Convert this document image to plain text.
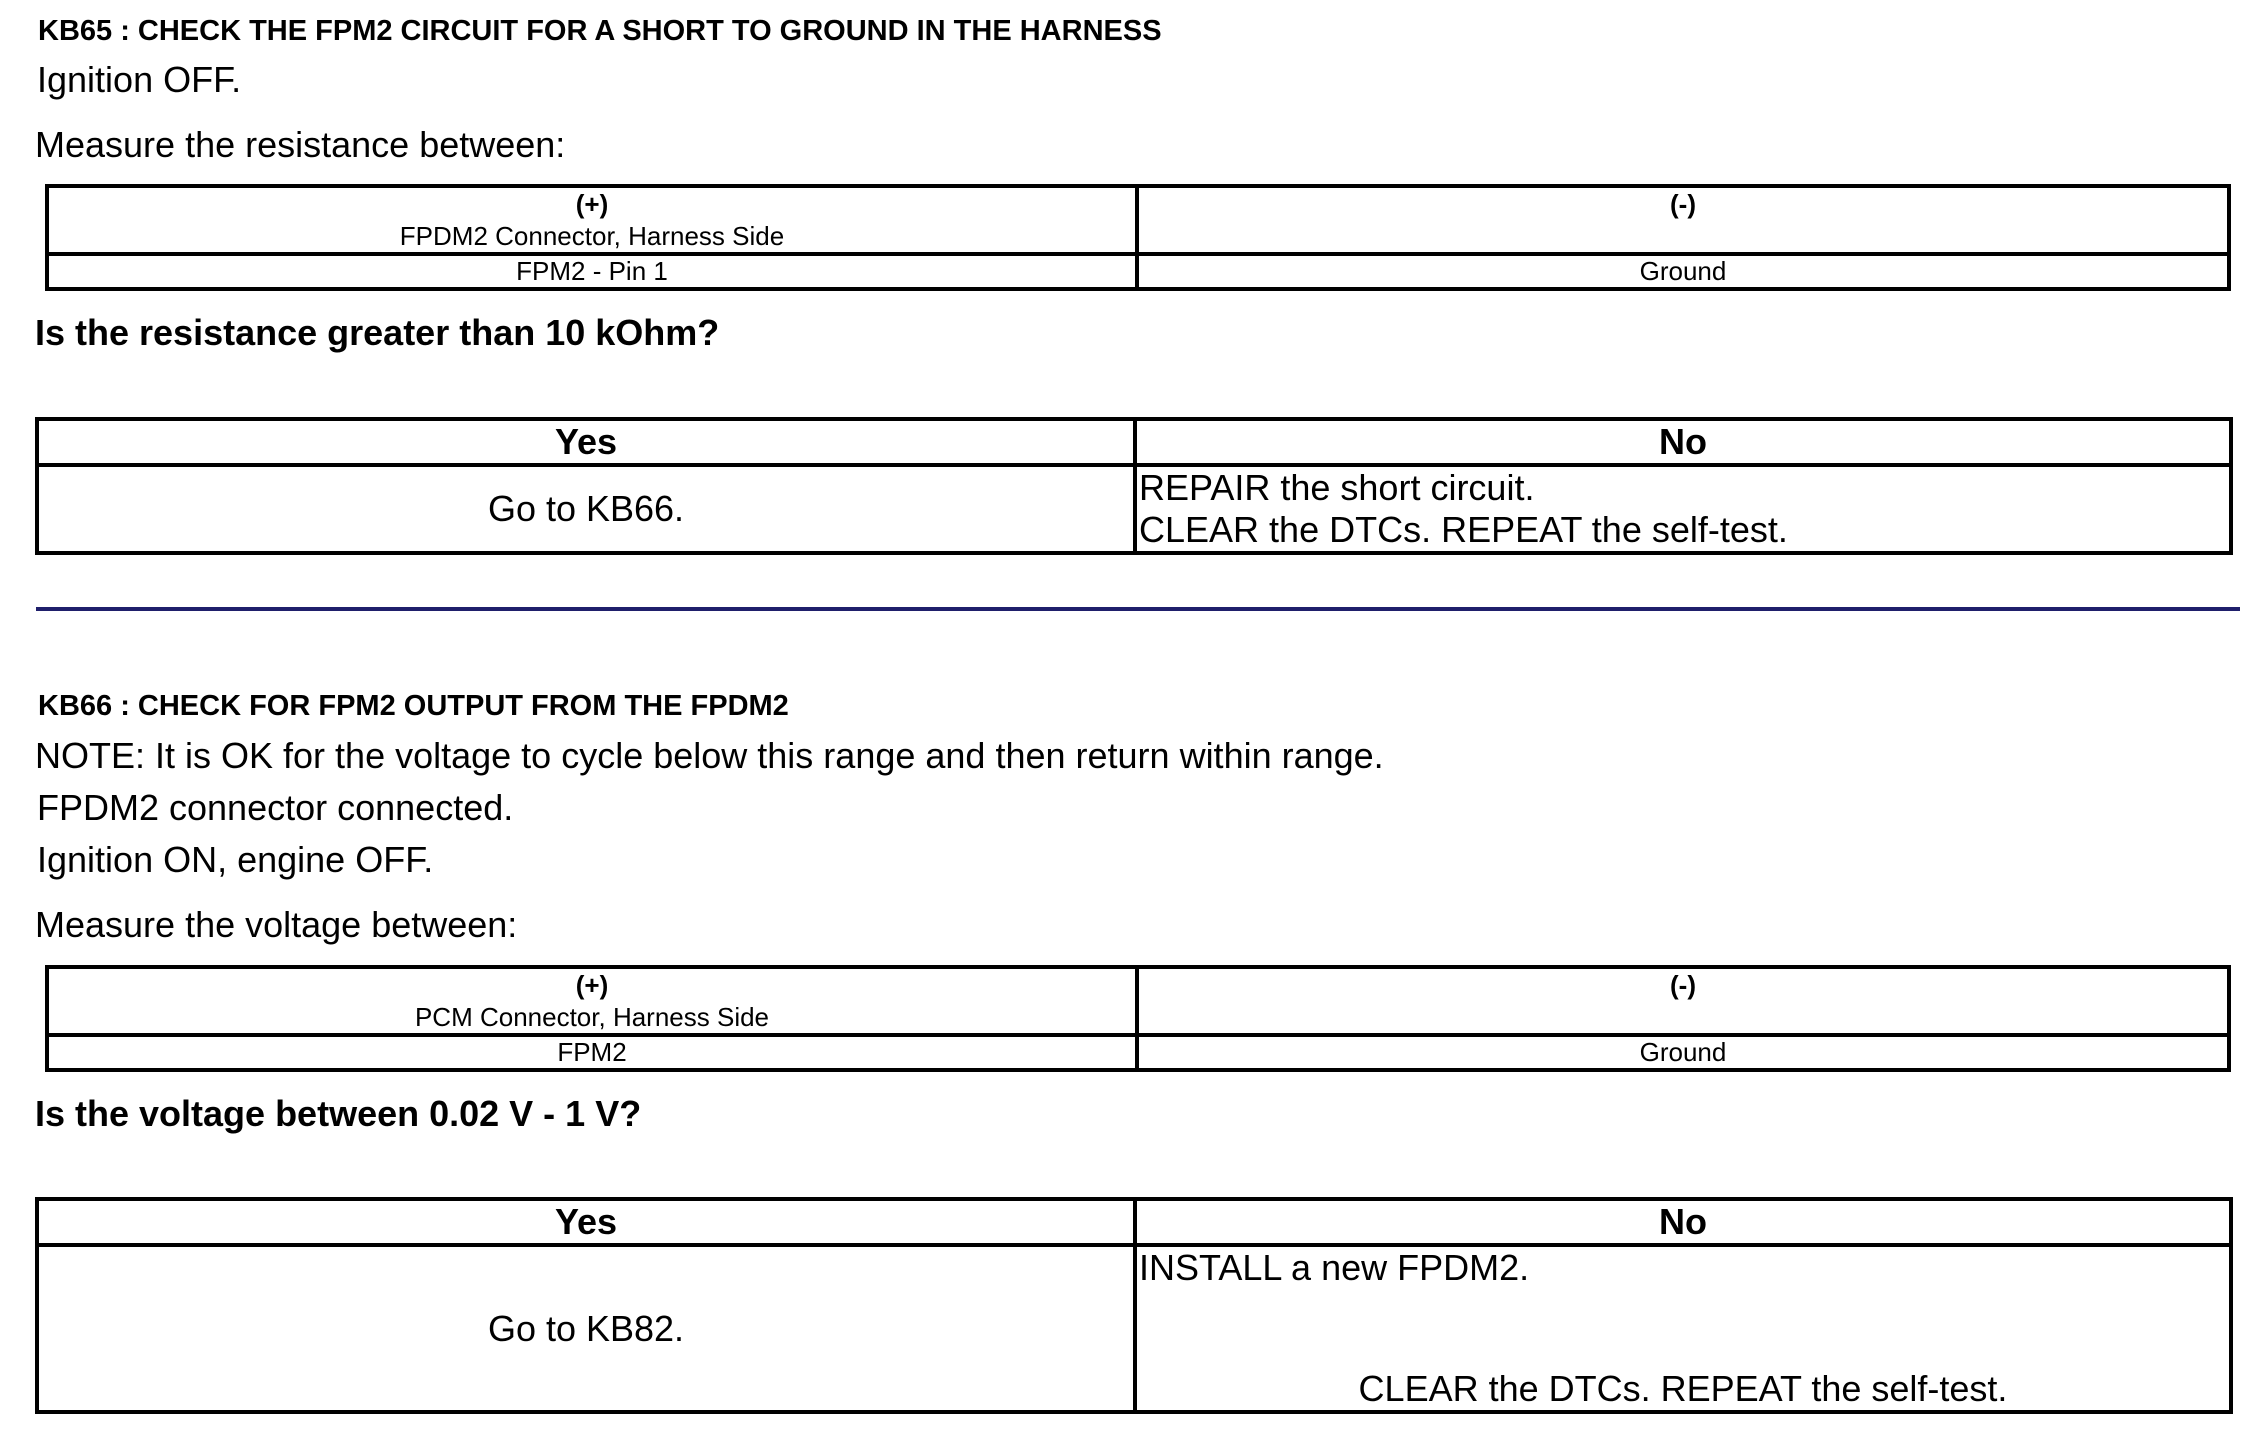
KB65 : CHECK THE FPM2 CIRCUIT FOR A SHORT TO GROUND IN THE HARNESS
Ignition OFF.
Measure the resistance between:
(+)
FPDM2 Connector, Harness Side	(-)

FPM2 - Pin 1	Ground
Is the resistance greater than 10 kOhm?
Yes	No
Go to KB66.	REPAIR the short circuit.
CLEAR the DTCs. REPEAT the self-test.
KB66 : CHECK FOR FPM2 OUTPUT FROM THE FPDM2
NOTE: It is OK for the voltage to cycle below this range and then return within range.
FPDM2 connector connected.
Ignition ON, engine OFF.
Measure the voltage between:
(+)
PCM Connector, Harness Side	(-)

FPM2	Ground
Is the voltage between 0.02 V - 1 V?
Yes	No
Go to KB82.	INSTALL a new FPDM2.
CLEAR the DTCs. REPEAT the self-test.
